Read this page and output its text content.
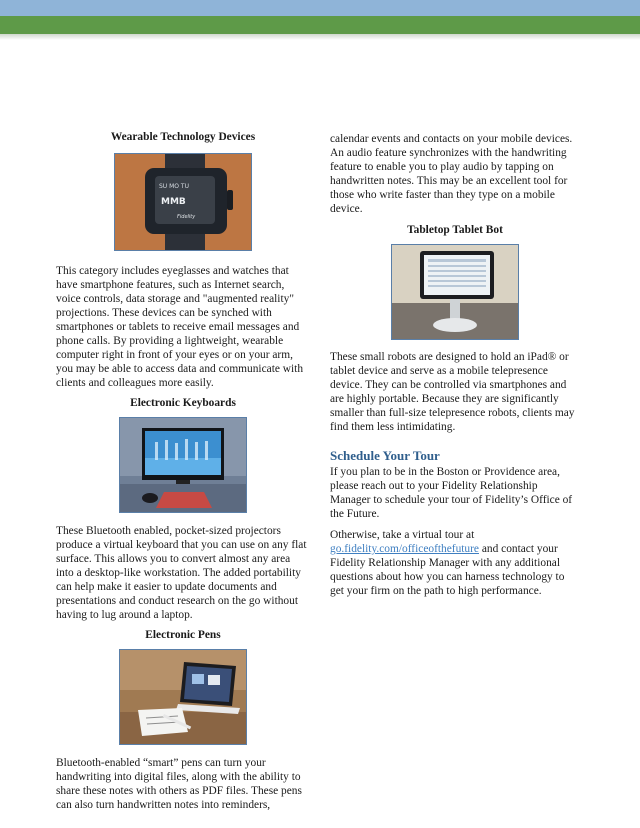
Wearable Technology Devices
SU MO TU
MMB
Fidelity

This category includes eyeglasses and watches that have smartphone features, such as Internet search, voice controls, data storage and "augmented reality" projections. These devices can be synched with smartphones or tablets to receive email messages and phone calls. By providing a lightweight, wearable computer right in front of your eyes or on your arm, you may be able to access data and communicate with clients and colleagues more easily.

Electronic Keyboards

These Bluetooth enabled, pocket-sized projectors produce a virtual keyboard that you can use on any flat surface. This allows you to convert almost any area into a desktop-like workstation. The added portability can help make it easier to update documents and presentations and conduct research on the go without having to lug around a laptop.

Electronic Pens

Bluetooth-enabled “smart” pens can turn your handwriting into digital files, along with the ability to share these notes with others as PDF files. These pens can also turn handwritten notes into reminders,

calendar events and contacts on your mobile devices. An audio feature synchronizes with the handwriting feature to enable you to play audio by tapping on handwritten notes. This may be an excellent tool for those who write faster than they type on a mobile device.

Tabletop Tablet Bot

These small robots are designed to hold an iPad® or tablet device and serve as a mobile telepresence device. They can be controlled via smartphones and are highly portable. Because they are significantly smaller than full-size telepresence robots, clients may find them less intimidating.

Schedule Your Tour

If you plan to be in the Boston or Providence area, please reach out to your Fidelity Relationship Manager to schedule your tour of Fidelity’s Office of the Future.

Otherwise, take a virtual tour at
go.fidelity.com/officeofthefuture and contact your Fidelity Relationship Manager with any additional questions about how you can harness technology to get your firm on the path to high performance.
